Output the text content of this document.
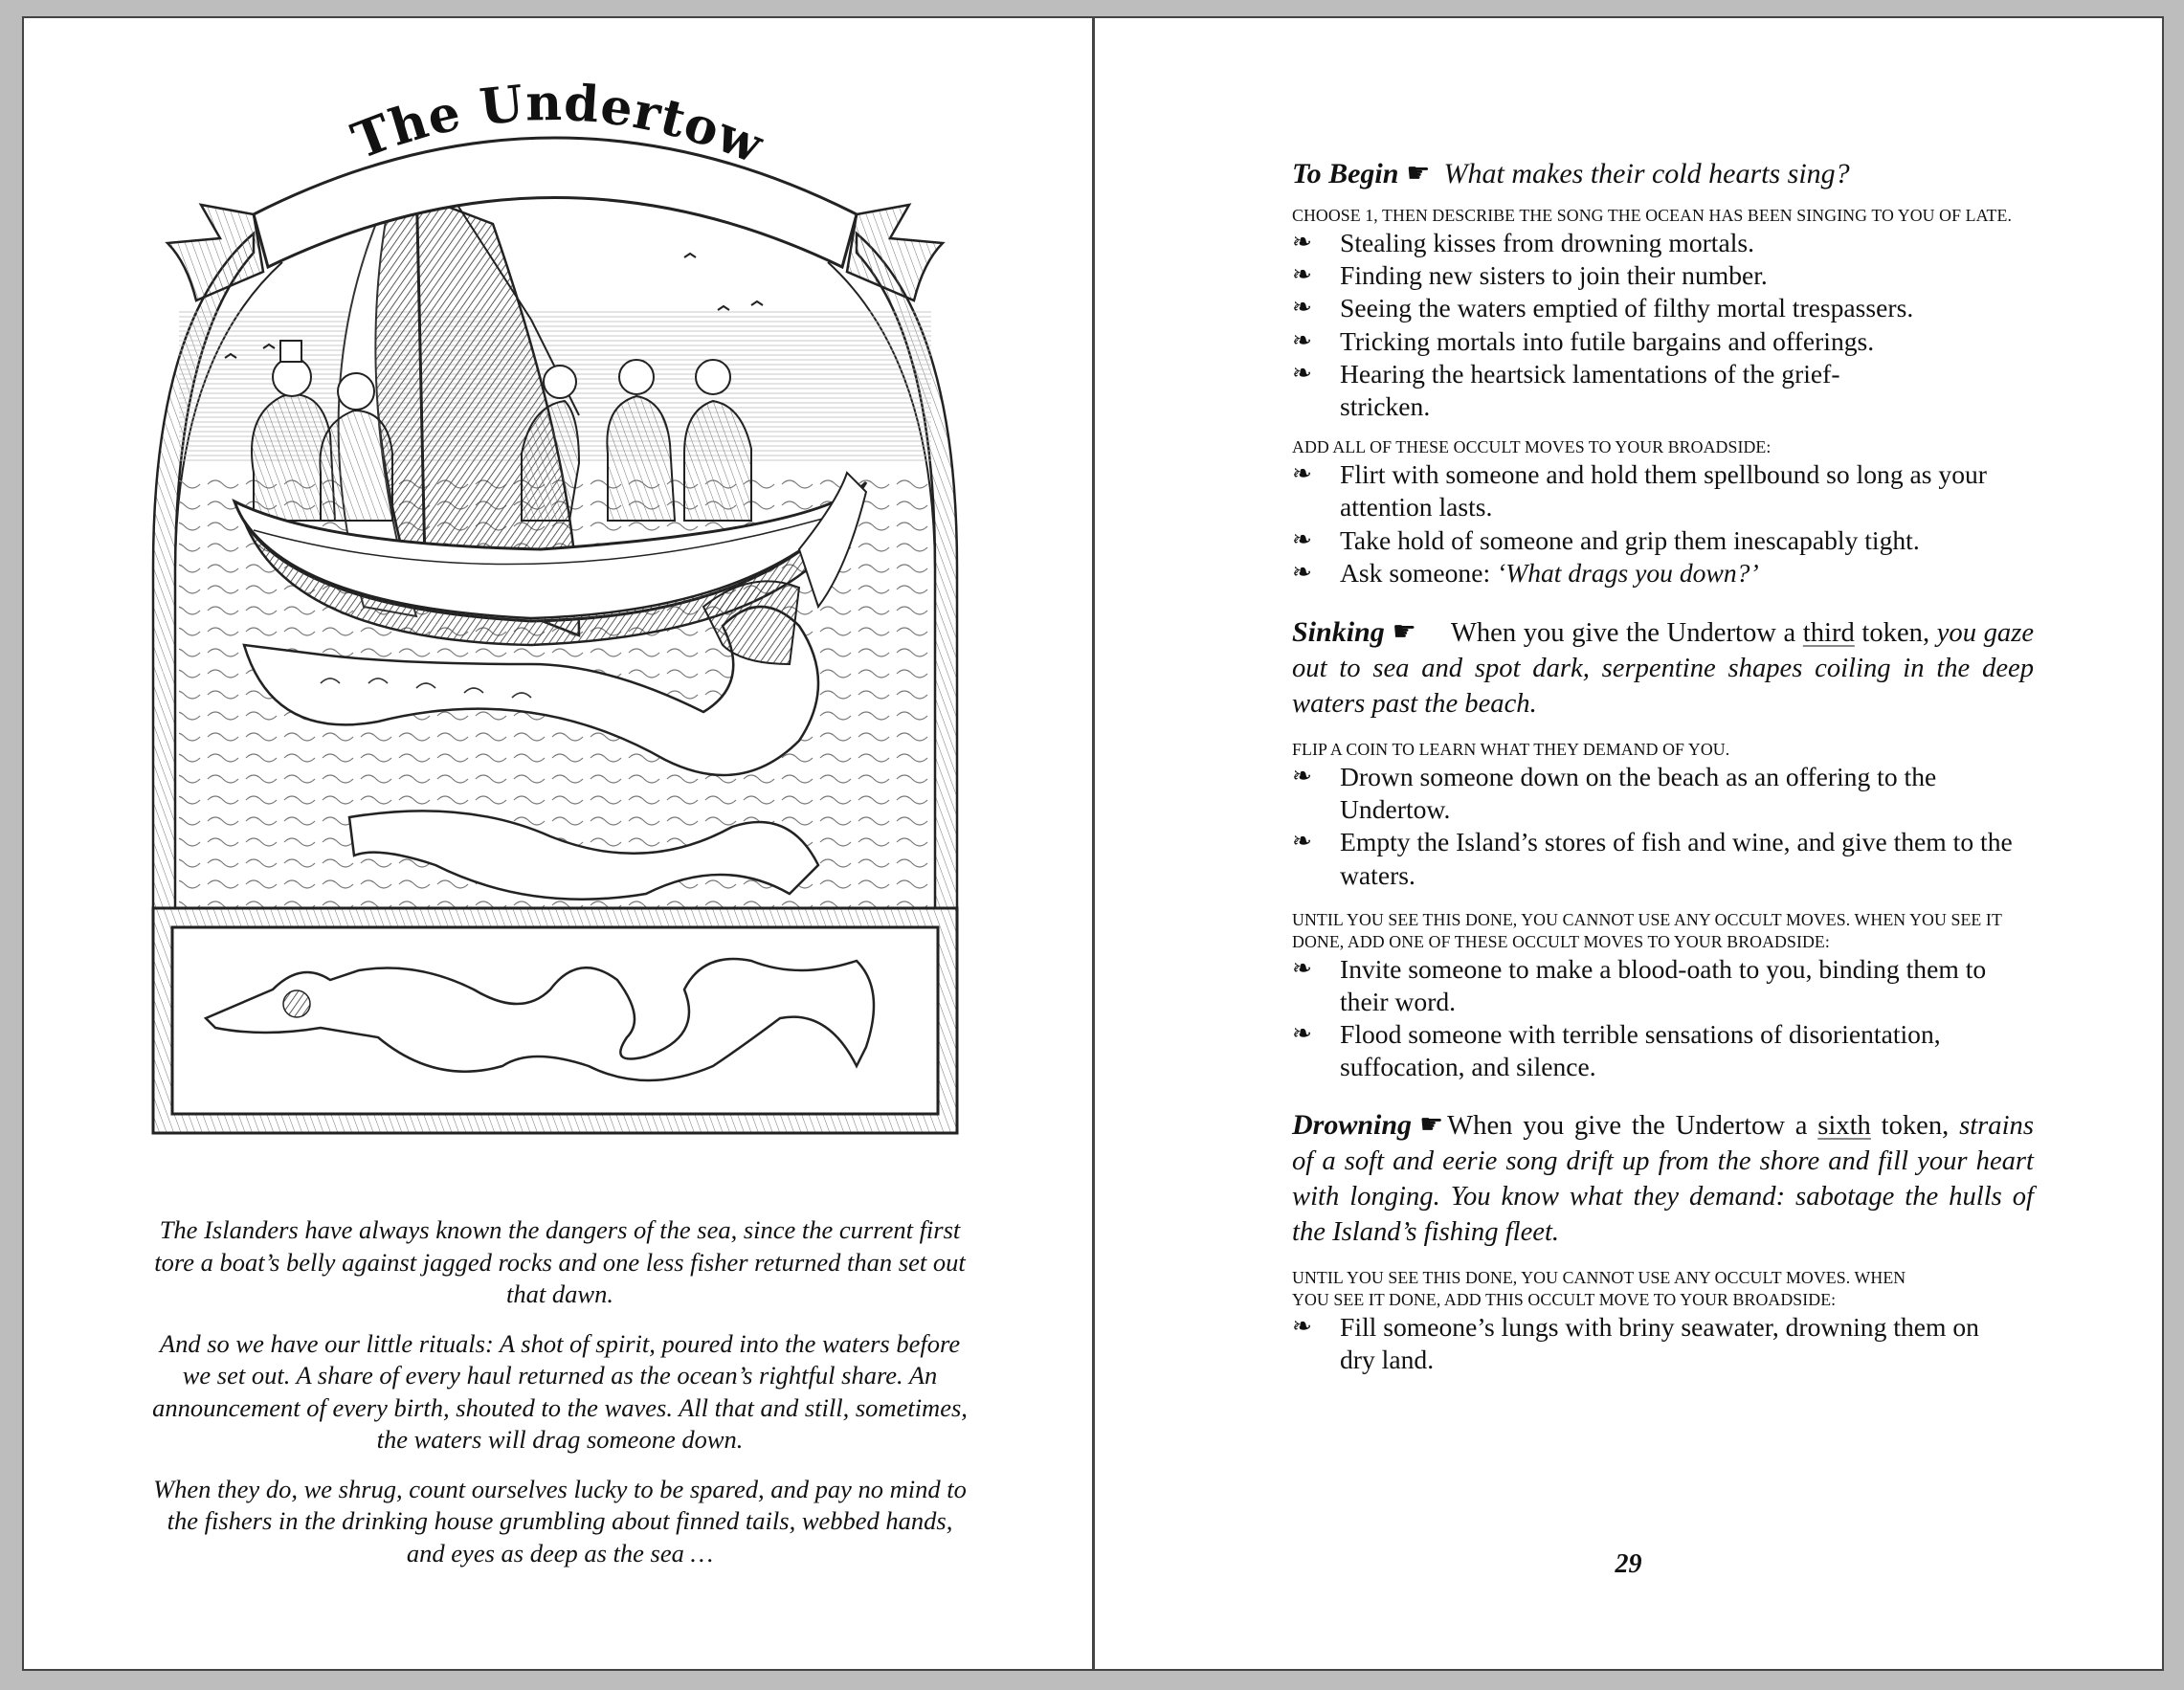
The Undertow

The Islanders have always known the dangers of the sea, since the current first tore a boat’s belly against jagged rocks and one less fisher returned than set out that dawn.

And so we have our little rituals: A shot of spirit, poured into the waters before we set out. A share of every haul returned as the ocean’s rightful share. An announcement of every birth, shouted to the waves. All that and still, sometimes, the waters will drag someone down.

When they do, we shrug, count ourselves lucky to be spared, and pay no mind to the fishers in the drinking house grumbling about finned tails, webbed hands, and eyes as deep as the sea …

To Begin ☛ What makes their cold hearts sing?

CHOOSE 1, THEN DESCRIBE THE SONG THE OCEAN HAS BEEN SINGING TO YOU OF LATE.

❧ Stealing kisses from drowning mortals.
❧ Finding new sisters to join their number.
❧ Seeing the waters emptied of filthy mortal trespassers.
❧ Tricking mortals into futile bargains and offerings.
❧ Hearing the heartsick lamentations of the grief-stricken.

ADD ALL OF THESE OCCULT MOVES TO YOUR BROADSIDE:

❧ Flirt with someone and hold them spellbound so long as your attention lasts.
❧ Take hold of someone and grip them inescapably tight.
❧ Ask someone: ‘What drags you down?’

Sinking ☛ When you give the Undertow a third token, you gaze out to sea and spot dark, serpentine shapes coiling in the deep waters past the beach.

FLIP A COIN TO LEARN WHAT THEY DEMAND OF YOU.

❧ Drown someone down on the beach as an offering to the Undertow.
❧ Empty the Island’s stores of fish and wine, and give them to the waters.

UNTIL YOU SEE THIS DONE, YOU CANNOT USE ANY OCCULT MOVES. WHEN YOU SEE IT DONE, ADD ONE OF THESE OCCULT MOVES TO YOUR BROADSIDE:

❧ Invite someone to make a blood-oath to you, binding them to their word.
❧ Flood someone with terrible sensations of disorientation, suffocation, and silence.

Drowning ☛ When you give the Undertow a sixth token, strains of a soft and eerie song drift up from the shore and fill your heart with longing. You know what they demand: sabotage the hulls of the Island’s fishing fleet.

UNTIL YOU SEE THIS DONE, YOU CANNOT USE ANY OCCULT MOVES. WHEN YOU SEE IT DONE, ADD THIS OCCULT MOVE TO YOUR BROADSIDE:

❧ Fill someone’s lungs with briny seawater, drowning them on dry land.
29
